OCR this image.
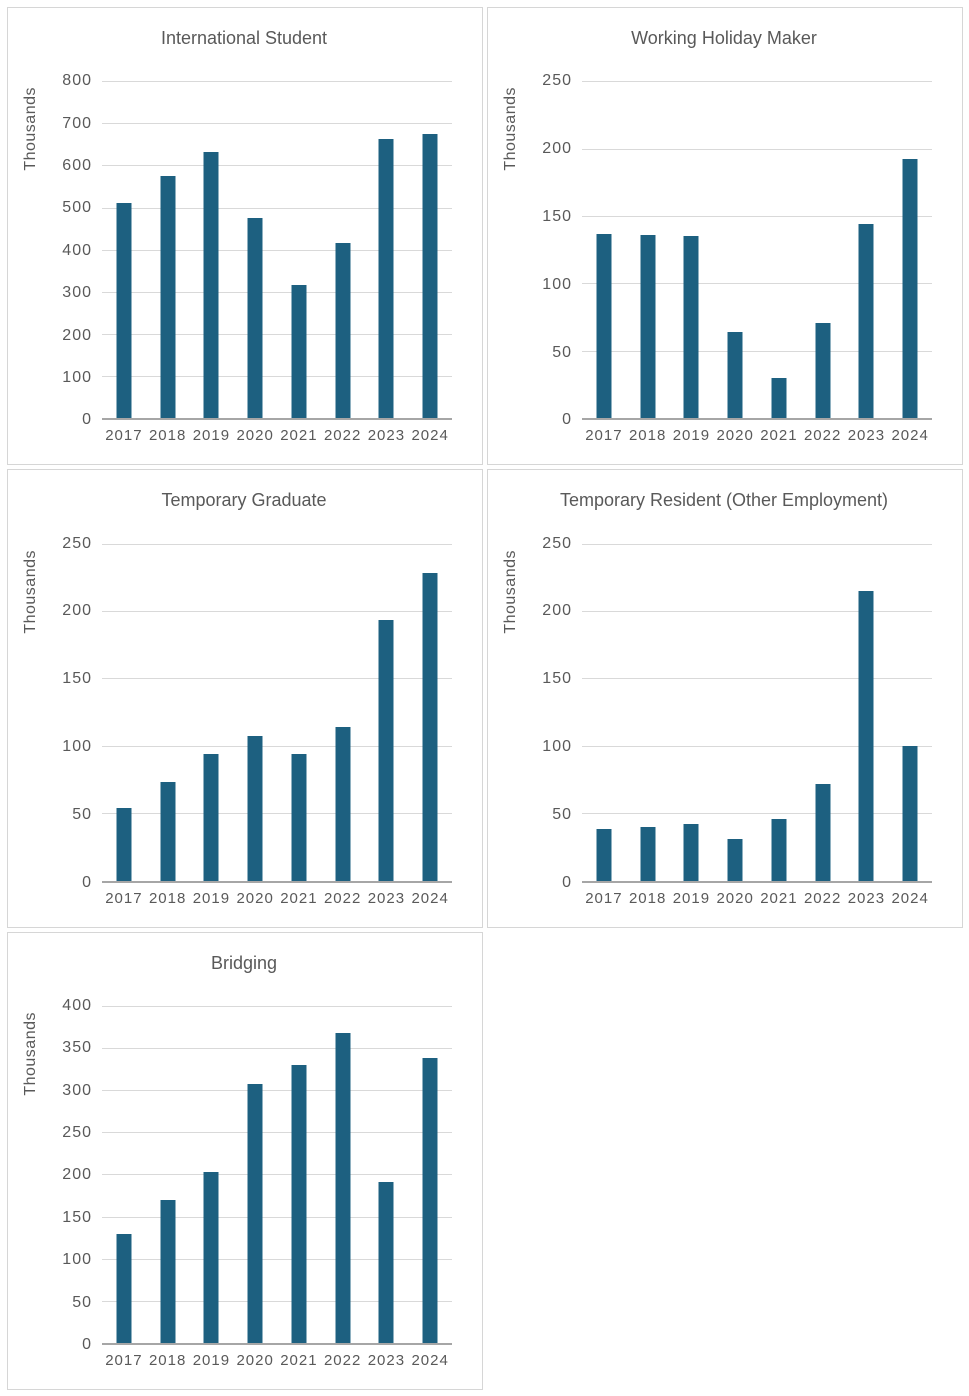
International Student
Thousands
800
700
600
500
400
300
200
100
0
2017 2018 2019 2020 2021 2022 2023 2024
Working Holiday Maker
Thousands
250
200
150
100
50
0
2017 2018 2019 2020 2021 2022 2023 2024
Temporary Graduate
Thousands
250
200
150
100
50
0
2017 2018 2019 2020 2021 2022 2023 2024
Temporary Resident (Other Employment)
Thousands
250
200
150
100
50
0
2017 2018 2019 2020 2021 2022 2023 2024
Bridging
Thousands
400
350
300
250
200
150
100
50
0
2017 2018 2019 2020 2021 2022 2023 2024
